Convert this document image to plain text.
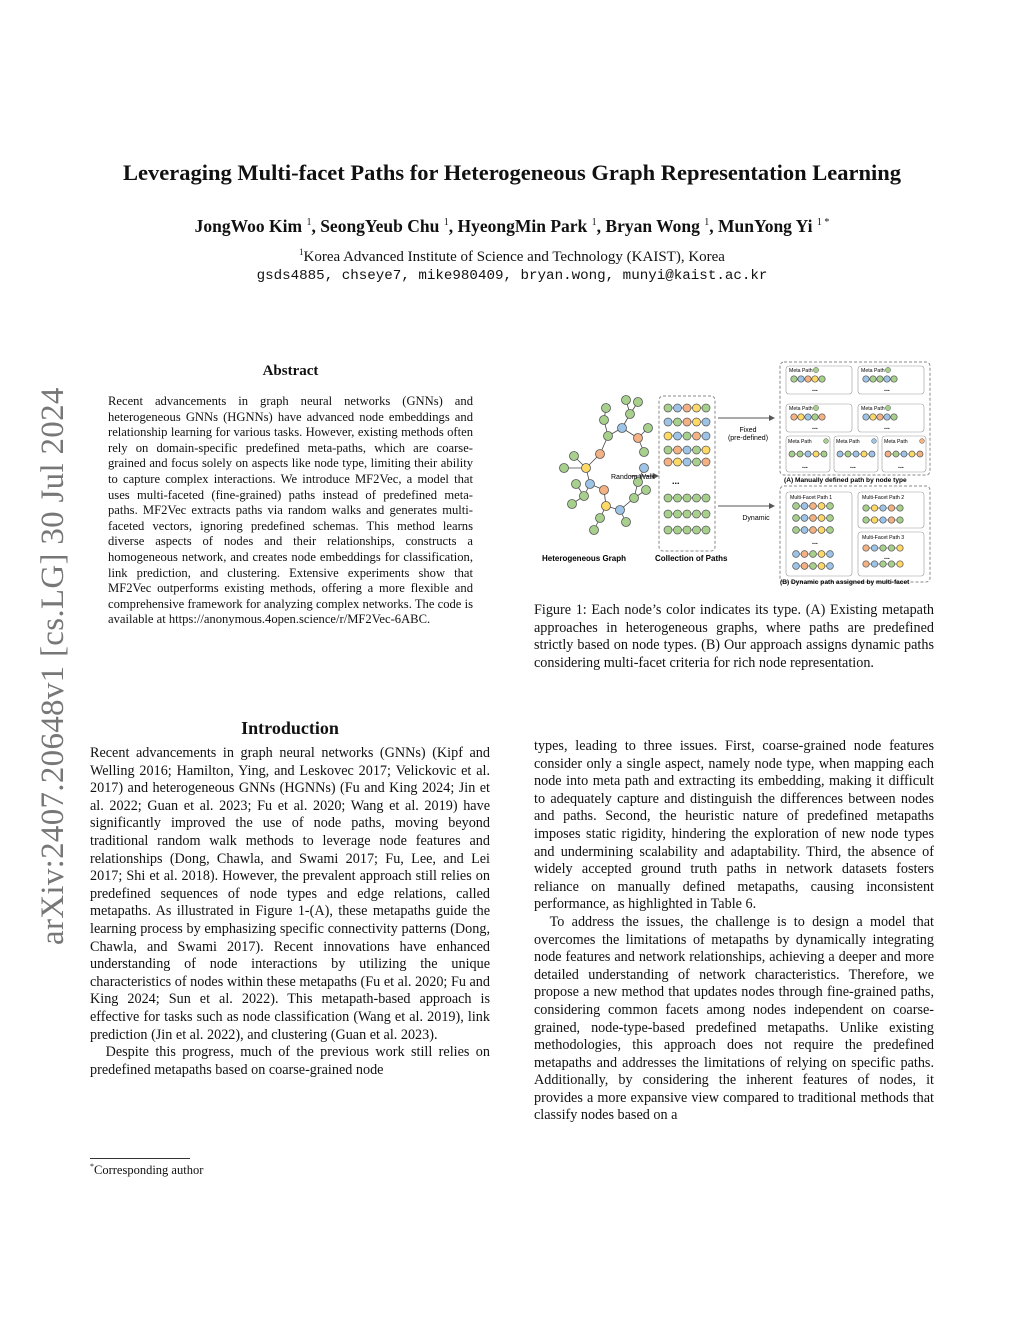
Leveraging Multi-facet Paths for Heterogeneous Graph Representation Learning
JongWoo Kim $^1$, SeongYeub Chu $^1$, HyeongMin Park $^1$, Bryan Wong $^1$, MunYong Yi $^{1 *}$
$^1$Korea Advanced Institute of Science and Technology (KAIST), Korea
gsds4885, chseye7, mike980409, bryan.wong, munyi@kaist.ac.kr
arXiv:2407.20648v1 [cs.LG] 30 Jul 2024
Abstract
Recent advancements in graph neural networks (GNNs) and heterogeneous GNNs (HGNNs) have advanced node embeddings and relationship learning for various tasks. However, existing methods often rely on domain-specific predefined meta-paths, which are coarse-grained and focus solely on aspects like node type, limiting their ability to capture complex interactions. We introduce MF2Vec, a model that uses multi-faceted (fine-grained) paths instead of predefined meta-paths. MF2Vec extracts paths via random walks and generates multi-faceted vectors, ignoring predefined schemas. This method learns diverse aspects of nodes and their relationships, constructs a homogeneous network, and creates node embeddings for classification, link prediction, and clustering. Extensive experiments show that MF2Vec outperforms existing methods, offering a more flexible and comprehensive framework for analyzing complex networks. The code is available at https://anonymous.4open.science/r/MF2Vec-6ABC.
Introduction

Recent advancements in graph neural networks (GNNs) (Kipf and Welling 2016; Hamilton, Ying, and Leskovec 2017; Velickovic et al. 2017) and heterogeneous GNNs (HGNNs) (Fu and King 2024; Jin et al. 2022; Guan et al. 2023; Fu et al. 2020; Wang et al. 2019) have significantly improved the use of node paths, moving beyond traditional random walk methods to leverage node features and relationships (Dong, Chawla, and Swami 2017; Fu, Lee, and Lei 2017; Shi et al. 2018). However, the prevalent approach still relies on predefined sequences of node types and edge relations, called metapaths. As illustrated in Figure 1-(A), these metapaths guide the learning process by emphasizing specific connectivity patterns (Dong, Chawla, and Swami 2017). Recent innovations have enhanced understanding of node interactions by utilizing the unique characteristics of nodes within these metapaths (Fu et al. 2020; Fu and King 2024; Sun et al. 2022). This metapath-based approach is effective for tasks such as node classification (Wang et al. 2019), link prediction (Jin et al. 2022), and clustering (Guan et al. 2023).

Despite this progress, much of the previous work still relies on predefined metapaths based on coarse-grained node

*Corresponding author
Heterogeneous Graph
Random Walk ...
Collection of Paths
Fixed
(pre-defined)
Dynamic
Meta Path
...
Meta Path
...
Meta Path
...
Meta Path
...
Meta Path
...
Meta Path
...
Meta Path
...
(A) Manually defined path by node type
Multi-Facet Path 1
...
Multi-Facet Path 2
Multi-Facet Path 3
...
(B) Dynamic path assigned by multi-facet
Figure 1: Each node’s color indicates its type. (A) Existing metapath approaches in heterogeneous graphs, where paths are predefined strictly based on node types. (B) Our approach assigns dynamic paths considering multi-facet criteria for rich node representation.

types, leading to three issues. First, coarse-grained node features consider only a single aspect, namely node type, when mapping each node into meta path and extracting its embedding, making it difficult to adequately capture and distinguish the differences between nodes and paths. Second, the heuristic nature of predefined metapaths imposes static rigidity, hindering the exploration of new node types and undermining scalability and adaptability. Third, the absence of widely accepted ground truth paths in network datasets fosters reliance on manually defined metapaths, causing inconsistent performance, as highlighted in Table 6.

To address the issues, the challenge is to design a model that overcomes the limitations of metapaths by dynamically integrating node features and network relationships, achieving a deeper and more detailed understanding of network characteristics. Therefore, we propose a new method that updates nodes through fine-grained paths, considering common facets among nodes independent on coarse-grained, node-type-based predefined metapaths. Unlike existing methodologies, this approach does not require the predefined metapaths and addresses the limitations of relying on specific paths. Additionally, by considering the inherent features of nodes, it provides a more expansive view compared to traditional methods that classify nodes based on a
